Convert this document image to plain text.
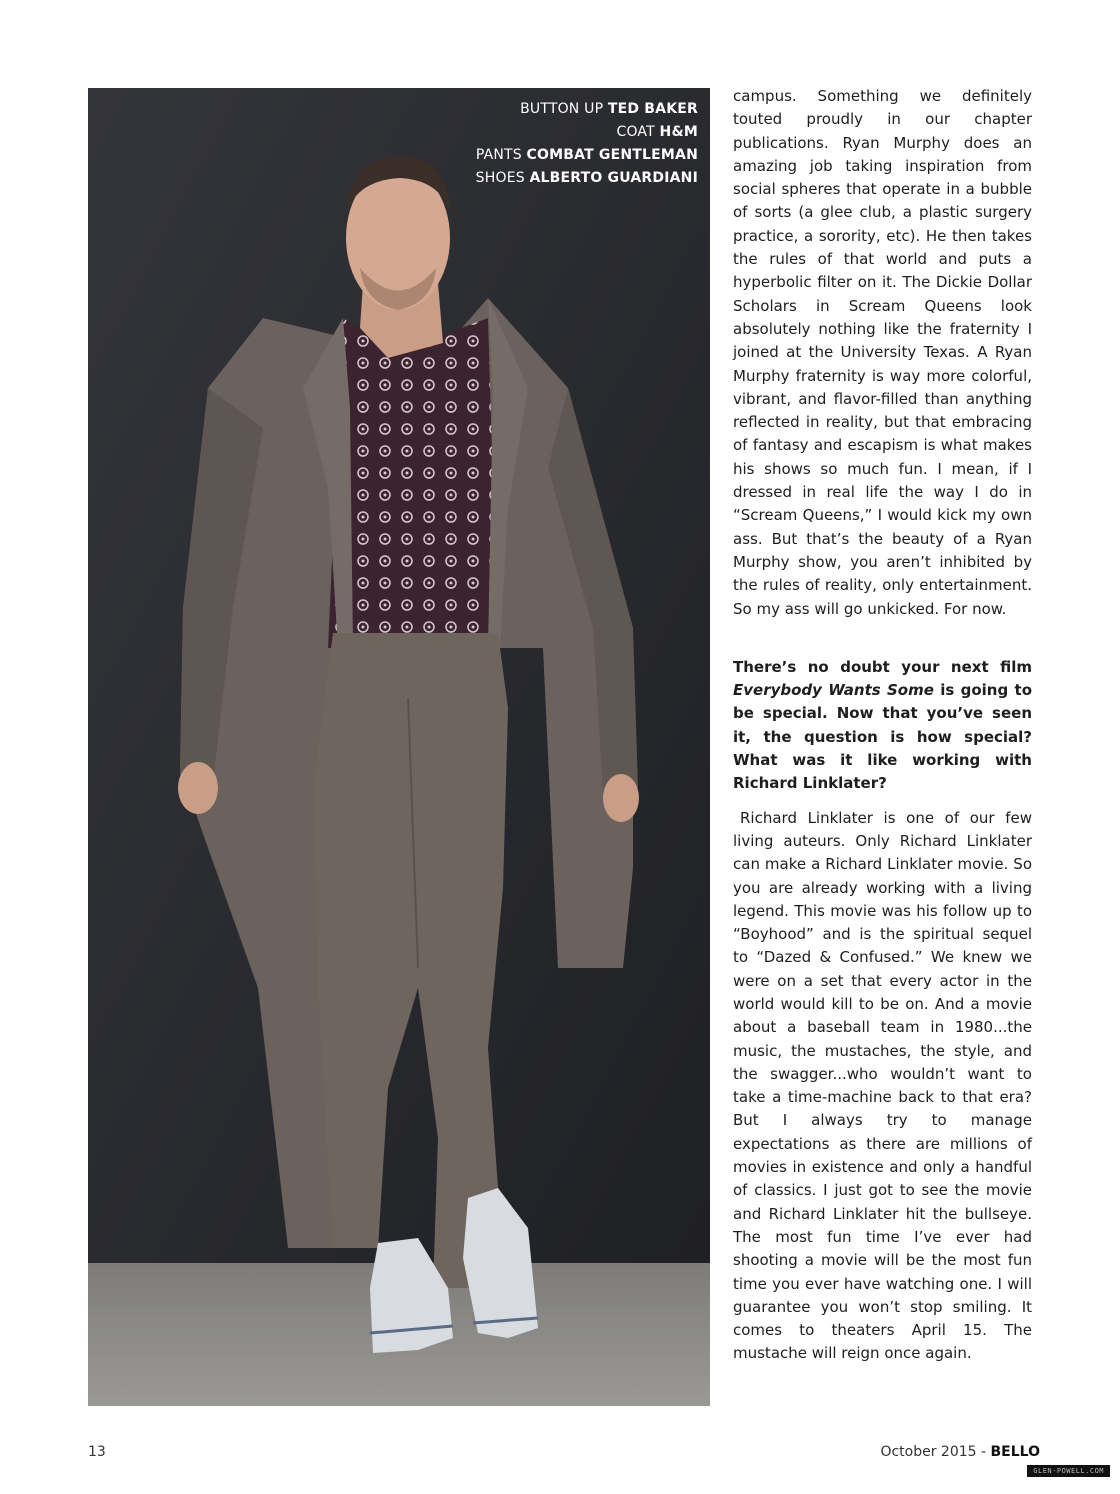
BUTTON UP TED BAKER
COAT H&M
PANTS COMBAT GENTLEMAN
SHOES ALBERTO GUARDIANI

campus. Something we definitely touted proudly in our chapter publications. Ryan Murphy does an amazing job taking inspiration from social spheres that operate in a bubble of sorts (a glee club, a plastic surgery practice, a sorority, etc). He then takes the rules of that world and puts a hyperbolic filter on it. The Dickie Dollar Scholars in Scream Queens look absolutely nothing like the fraternity I joined at the University Texas. A Ryan Murphy fraternity is way more colorful, vibrant, and flavor-filled than anything reflected in reality, but that embracing of fantasy and escapism is what makes his shows so much fun. I mean, if I dressed in real life the way I do in “Scream Queens,” I would kick my own ass. But that’s the beauty of a Ryan Murphy show, you aren’t inhibited by the rules of reality, only entertainment. So my ass will go unkicked. For now.

There’s no doubt your next film Everybody Wants Some is going to be special. Now that you’ve seen it, the question is how special? What was it like working with Richard Linklater?

Richard Linklater is one of our few living auteurs. Only Richard Linklater can make a Richard Linklater movie. So you are already working with a living legend. This movie was his follow up to “Boyhood” and is the spiritual sequel to “Dazed & Confused.” We knew we were on a set that every actor in the world would kill to be on. And a movie about a baseball team in 1980...the music, the mustaches, the style, and the swagger...who wouldn’t want to take a time-machine back to that era? But I always try to manage expectations as there are millions of movies in existence and only a handful of classics. I just got to see the movie and Richard Linklater hit the bullseye. The most fun time I’ve ever had shooting a movie will be the most fun time you ever have watching one. I will guarantee you won’t stop smiling. It comes to theaters April 15. The mustache will reign once again.

13	October 2015 - BELLO
GLEN-POWELL.COM
